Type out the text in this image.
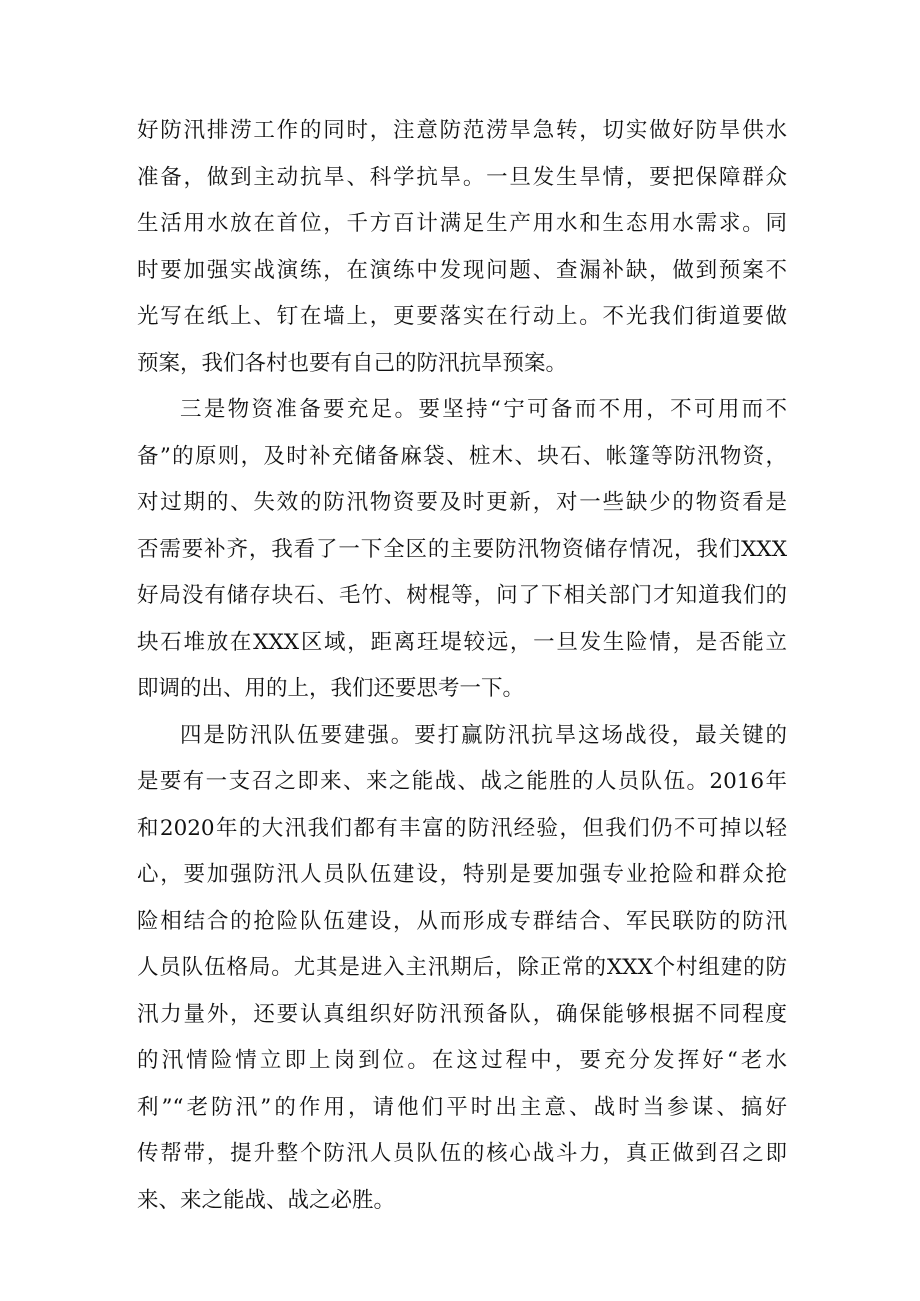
好防汛排涝工作的同时，注意防范涝旱急转，切实做好防旱供水
准备，做到主动抗旱、科学抗旱。一旦发生旱情，要把保障群众
生活用水放在首位，千方百计满足生产用水和生态用水需求。同
时要加强实战演练，在演练中发现问题、查漏补缺，做到预案不
光写在纸上、钉在墙上，更要落实在行动上。不光我们街道要做
预案，我们各村也要有自己的防汛抗旱预案。
三是物资准备要充足。要坚持“宁可备而不用，不可用而不
备”的原则，及时补充储备麻袋、桩木、块石、帐篷等防汛物资，
对过期的、失效的防汛物资要及时更新，对一些缺少的物资看是
否需要补齐，我看了一下全区的主要防汛物资储存情况，我们XXX
好局没有储存块石、毛竹、树棍等，问了下相关部门才知道我们的
块石堆放在XXX区域，距离玨堤较远，一旦发生险情，是否能立
即调的出、用的上，我们还要思考一下。
四是防汛队伍要建强。要打赢防汛抗旱这场战役，最关键的
是要有一支召之即来、来之能战、战之能胜的人员队伍。2016年
和2020年的大汛我们都有丰富的防汛经验，但我们仍不可掉以轻
心，要加强防汛人员队伍建设，特别是要加强专业抢险和群众抢
险相结合的抢险队伍建设，从而形成专群结合、军民联防的防汛
人员队伍格局。尤其是进入主汛期后，除正常的XXX个村组建的防
汛力量外，还要认真组织好防汛预备队，确保能够根据不同程度
的汛情险情立即上岗到位。在这过程中，要充分发挥好“老水
利”“老防汛”的作用，请他们平时出主意、战时当参谋、搞好
传帮带，提升整个防汛人员队伍的核心战斗力，真正做到召之即
来、来之能战、战之必胜。
